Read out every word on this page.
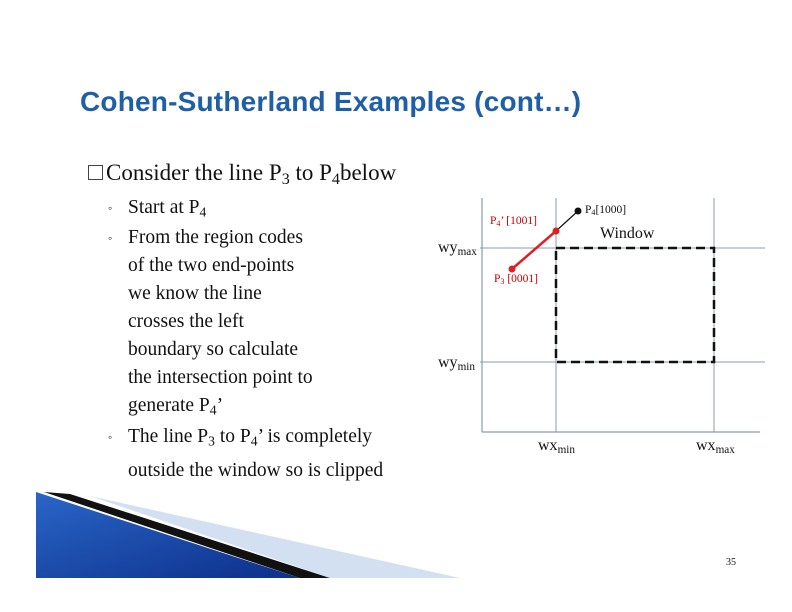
Cohen-Sutherland Examples (cont…)
Consider the line $P_3$ to $P_4below$
◦ Start at $P_4$
◦ From the region codes
of the two end-points
we know the line
crosses the left
boundary so calculate
the intersection point to
generate $P_4$’
◦ The line $P_3$ to $P_4$’ is completely
outside the window so is clipped
Window
$wy_{max}$
$wy_{min}$
$wx_{min}$	$wx_{max}$
$P_4[1000]$
$P_4$’ [1001]
$P_3$ [0001]
35
